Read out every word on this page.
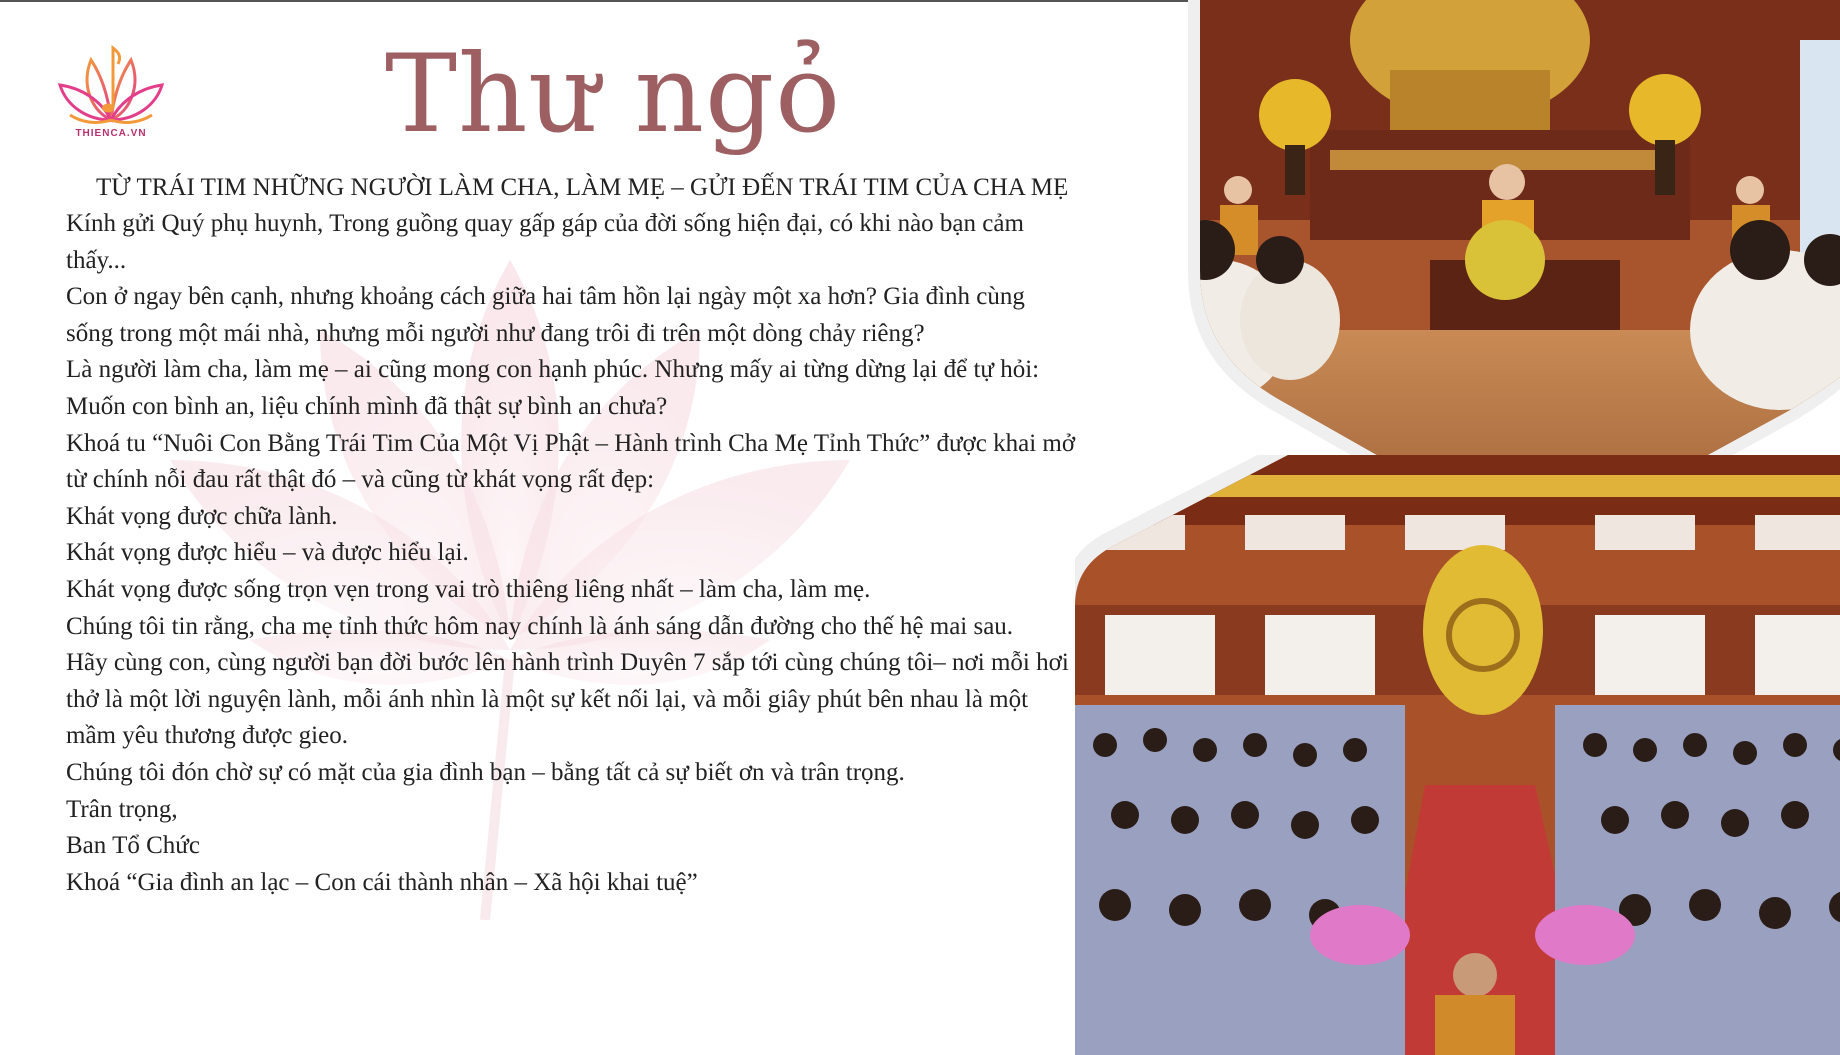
THIENCA.VN Thư ngỏ
TỪ TRÁI TIM NHỮNG NGƯỜI LÀM CHA, LÀM MẸ – GỬI ĐẾN TRÁI TIM CỦA CHA MẸ

Kính gửi Quý phụ huynh, Trong guồng quay gấp gáp của đời sống hiện đại, có khi nào bạn cảm thấy...

Con ở ngay bên cạnh, nhưng khoảng cách giữa hai tâm hồn lại ngày một xa hơn? Gia đình cùng sống trong một mái nhà, nhưng mỗi người như đang trôi đi trên một dòng chảy riêng?

Là người làm cha, làm mẹ – ai cũng mong con hạnh phúc. Nhưng mấy ai từng dừng lại để tự hỏi:

Muốn con bình an, liệu chính mình đã thật sự bình an chưa?

Khoá tu “Nuôi Con Bằng Trái Tim Của Một Vị Phật – Hành trình Cha Mẹ Tỉnh Thức” được khai mở từ chính nỗi đau rất thật đó – và cũng từ khát vọng rất đẹp:

Khát vọng được chữa lành.

Khát vọng được hiểu – và được hiểu lại.

Khát vọng được sống trọn vẹn trong vai trò thiêng liêng nhất – làm cha, làm mẹ.

Chúng tôi tin rằng, cha mẹ tỉnh thức hôm nay chính là ánh sáng dẫn đường cho thế hệ mai sau.

Hãy cùng con, cùng người bạn đời bước lên hành trình Duyên 7 sắp tới cùng chúng tôi– nơi mỗi hơi thở là một lời nguyện lành, mỗi ánh nhìn là một sự kết nối lại, và mỗi giây phút bên nhau là một mầm yêu thương được gieo.

Chúng tôi đón chờ sự có mặt của gia đình bạn – bằng tất cả sự biết ơn và trân trọng.

Trân trọng,

Ban Tổ Chức

Khoá “Gia đình an lạc – Con cái thành nhân – Xã hội khai tuệ”
